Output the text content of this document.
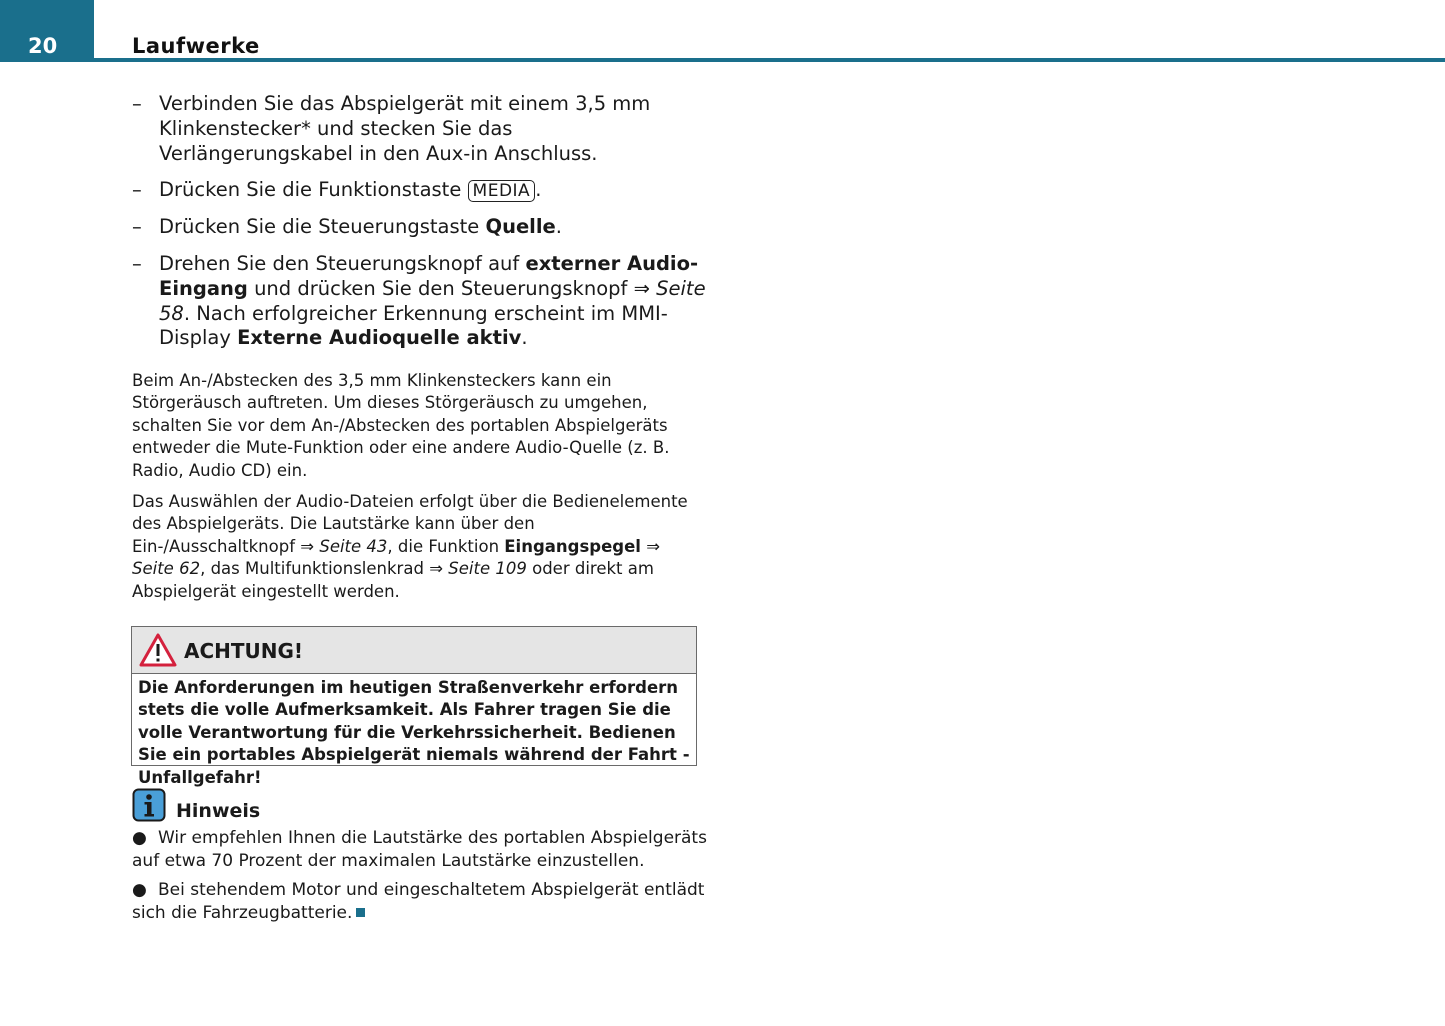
20	Laufwerke
– Verbinden Sie das Abspielgerät mit einem 3,5 mm Klinkenstecker* und stecken Sie das Verlängerungskabel in den Aux-in Anschluss.
– Drücken Sie die Funktionstaste MEDIA .
– Drücken Sie die Steuerungstaste Quelle.
– Drehen Sie den Steuerungsknopf auf externer Audio-Eingang und drücken Sie den Steuerungsknopf ⇒ Seite 58. Nach erfolgreicher Erkennung erscheint im MMI-Display Externe Audioquelle aktiv.
Beim An-/Abstecken des 3,5 mm Klinkensteckers kann ein Störgeräusch auftreten. Um dieses Störgeräusch zu umgehen, schalten Sie vor dem An-/Abstecken des portablen Abspielgeräts entweder die Mute-Funktion oder eine andere Audio-Quelle (z. B. Radio, Audio CD) ein.
Das Auswählen der Audio-Dateien erfolgt über die Bedienelemente des Abspielgeräts. Die Lautstärke kann über den Ein-/Ausschaltknopf ⇒ Seite 43, die Funktion Eingangspegel ⇒ Seite 62, das Multifunktionslenkrad ⇒ Seite 109 oder direkt am Abspielgerät eingestellt werden.
ACHTUNG!
Die Anforderungen im heutigen Straßenverkehr erfordern stets die volle Aufmerksamkeit. Als Fahrer tragen Sie die volle Verantwortung für die Verkehrssicherheit. Bedienen Sie ein portables Abspielgerät niemals während der Fahrt - Unfallgefahr!
Hinweis
● Wir empfehlen Ihnen die Lautstärke des portablen Abspielgeräts auf etwa 70 Prozent der maximalen Lautstärke einzustellen.
● Bei stehendem Motor und eingeschaltetem Abspielgerät entlädt sich die Fahrzeugbatterie.
